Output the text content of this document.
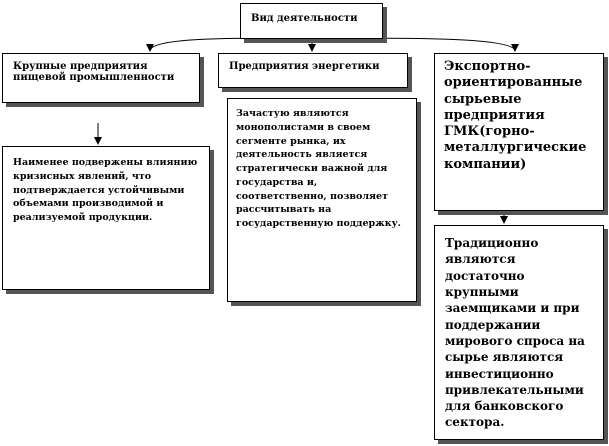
Вид деятельности
Крупные предприятия
пищевой промышленности
Предприятия энергетики	Экспортно-
ориентированные
сырьевые
предприятия
ГМК(горно-
металлургические
компании)
Наименее подвержены влиянию
кризисных явлений, что
подтверждается устойчивыми
объемами производимой и
реализуемой продукции.
Зачастую являются
монополистами в своем
сегменте рынка, их
деятельность является
стратегически важной для
государства и,
соответственно, позволяет
рассчитывать на
государственную поддержку.
Традиционно
являются достаточно
крупными
заемщиками и при
поддержании
мирового спроса на
сырье являются
инвестиционно
привлекательными
для банковского
сектора.
